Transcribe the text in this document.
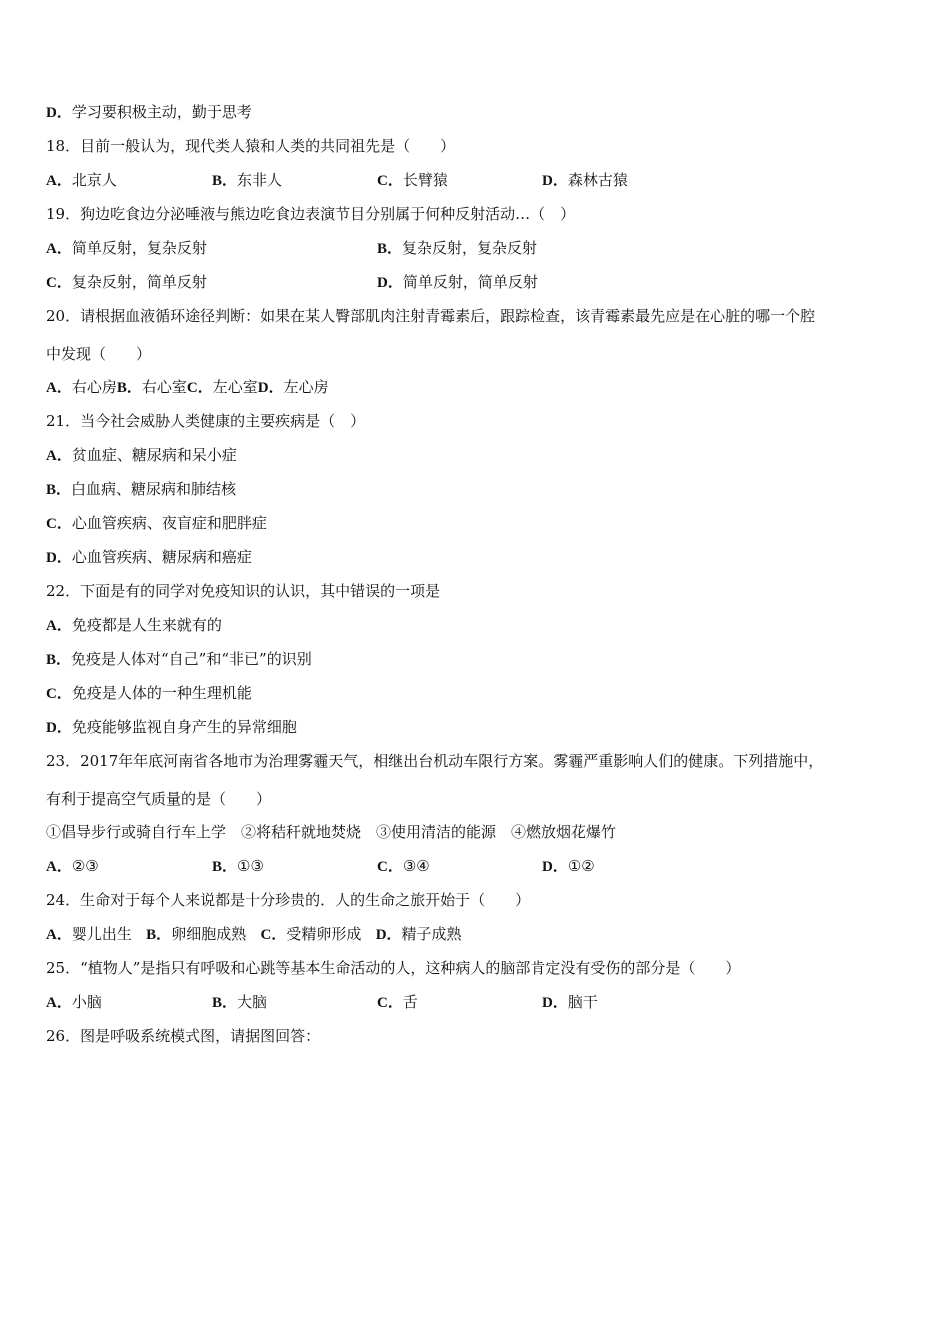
D．学习要积极主动，勤于思考
18．目前一般认为，现代类人猿和人类的共同祖先是（　　）
A．北京人	B．东非人	C．长臂猿	D．森林古猿
19．狗边吃食边分泌唾液与熊边吃食边表演节目分别属于何种反射活动…（　）
A．简单反射，复杂反射	B．复杂反射，复杂反射
C．复杂反射，简单反射	D．简单反射，简单反射
20．请根据血液循环途径判断：如果在某人臀部肌肉注射青霉素后，跟踪检查，该青霉素最先应是在心脏的哪一个腔
中发现（　　）
A．右心房B．右心室C．左心室D．左心房
21．当今社会威胁人类健康的主要疾病是（　）
A．贫血症、糖尿病和呆小症
B．白血病、糖尿病和肺结核
C．心血管疾病、夜盲症和肥胖症
D．心血管疾病、糖尿病和癌症
22．下面是有的同学对免疫知识的认识，其中错误的一项是
A．免疫都是人生来就有的
B．免疫是人体对“自己”和“非已”的识别
C．免疫是人体的一种生理机能
D．免疫能够监视自身产生的异常细胞
23．2017年年底河南省各地市为治理雾霾天气，相继出台机动车限行方案。雾霾严重影响人们的健康。下列措施中，
有利于提高空气质量的是（　　）
①倡导步行或骑自行车上学　②将秸秆就地焚烧　③使用清洁的能源　④燃放烟花爆竹
A．②③	B．①③	C．③④	D．①②
24．生命对于每个人来说都是十分珍贵的．人的生命之旅开始于（　　）
A．婴儿出生 B．卵细胞成熟 C．受精卵形成 D．精子成熟
25．“植物人”是指只有呼吸和心跳等基本生命活动的人，这种病人的脑部肯定没有受伤的部分是（　　）
A．小脑	B．大脑	C．舌	D．脑干
26．图是呼吸系统模式图，请据图回答：
